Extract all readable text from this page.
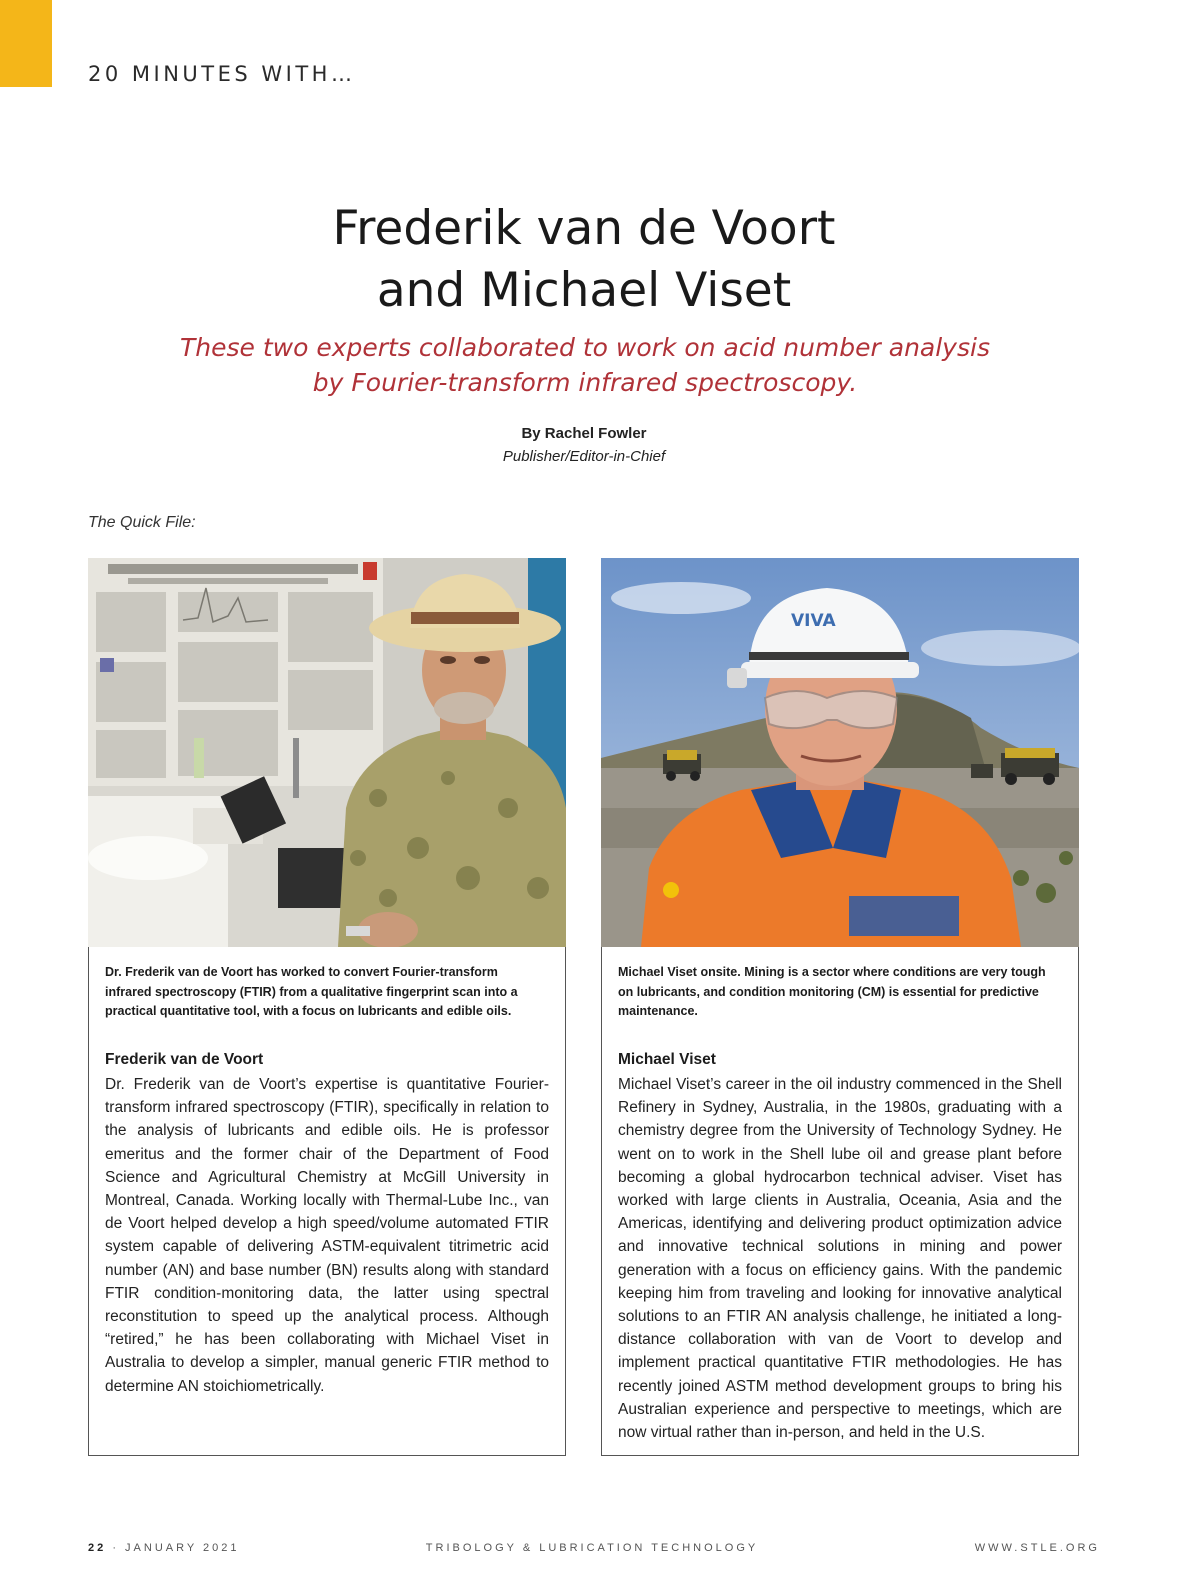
20 MINUTES WITH…
Frederik van de Voort
and Michael Viset
These two experts collaborated to work on acid number analysis
by Fourier-transform infrared spectroscopy.
By Rachel Fowler
Publisher/Editor-in-Chief
The Quick File:
Dr. Frederik van de Voort has worked to convert Fourier-transform infrared spectroscopy (FTIR) from a qualitative fingerprint scan into a practical quantitative tool, with a focus on lubricants and edible oils.
Frederik van de Voort
Dr. Frederik van de Voort’s expertise is quantitative Fourier-transform infrared spectroscopy (FTIR), specifically in relation to the analysis of lubricants and edible oils. He is professor emeritus and the former chair of the Department of Food Science and Agricultural Chemistry at McGill University in Montreal, Canada. Working locally with Thermal-Lube Inc., van de Voort helped develop a high speed/volume automated FTIR system capable of delivering ASTM-equivalent titrimetric acid number (AN) and base number (BN) results along with standard FTIR condition-monitoring data, the latter using spectral reconstitution to speed up the analytical process. Although “retired,” he has been collaborating with Michael Viset in Australia to develop a simpler, manual generic FTIR method to determine AN stoichiometrically.
VIVA
Michael Viset onsite. Mining is a sector where conditions are very tough on lubricants, and condition monitoring (CM) is essential for predictive maintenance.
Michael Viset
Michael Viset’s career in the oil industry commenced in the Shell Refinery in Sydney, Australia, in the 1980s, graduating with a chemistry degree from the University of Technology Sydney. He went on to work in the Shell lube oil and grease plant before becoming a global hydrocarbon technical adviser. Viset has worked with large clients in Australia, Oceania, Asia and the Americas, identifying and delivering product optimization advice and innovative technical solutions in mining and power generation with a focus on efficiency gains. With the pandemic keeping him from traveling and looking for innovative analytical solutions to an FTIR AN analysis challenge, he initiated a long-distance collaboration with van de Voort to develop and implement practical quantitative FTIR methodologies. He has recently joined ASTM method development groups to bring his Australian experience and perspective to meetings, which are now virtual rather than in-person, and held in the U.S.
22 · JANUARY 2021	TRIBOLOGY & LUBRICATION TECHNOLOGY	WWW.STLE.ORG
